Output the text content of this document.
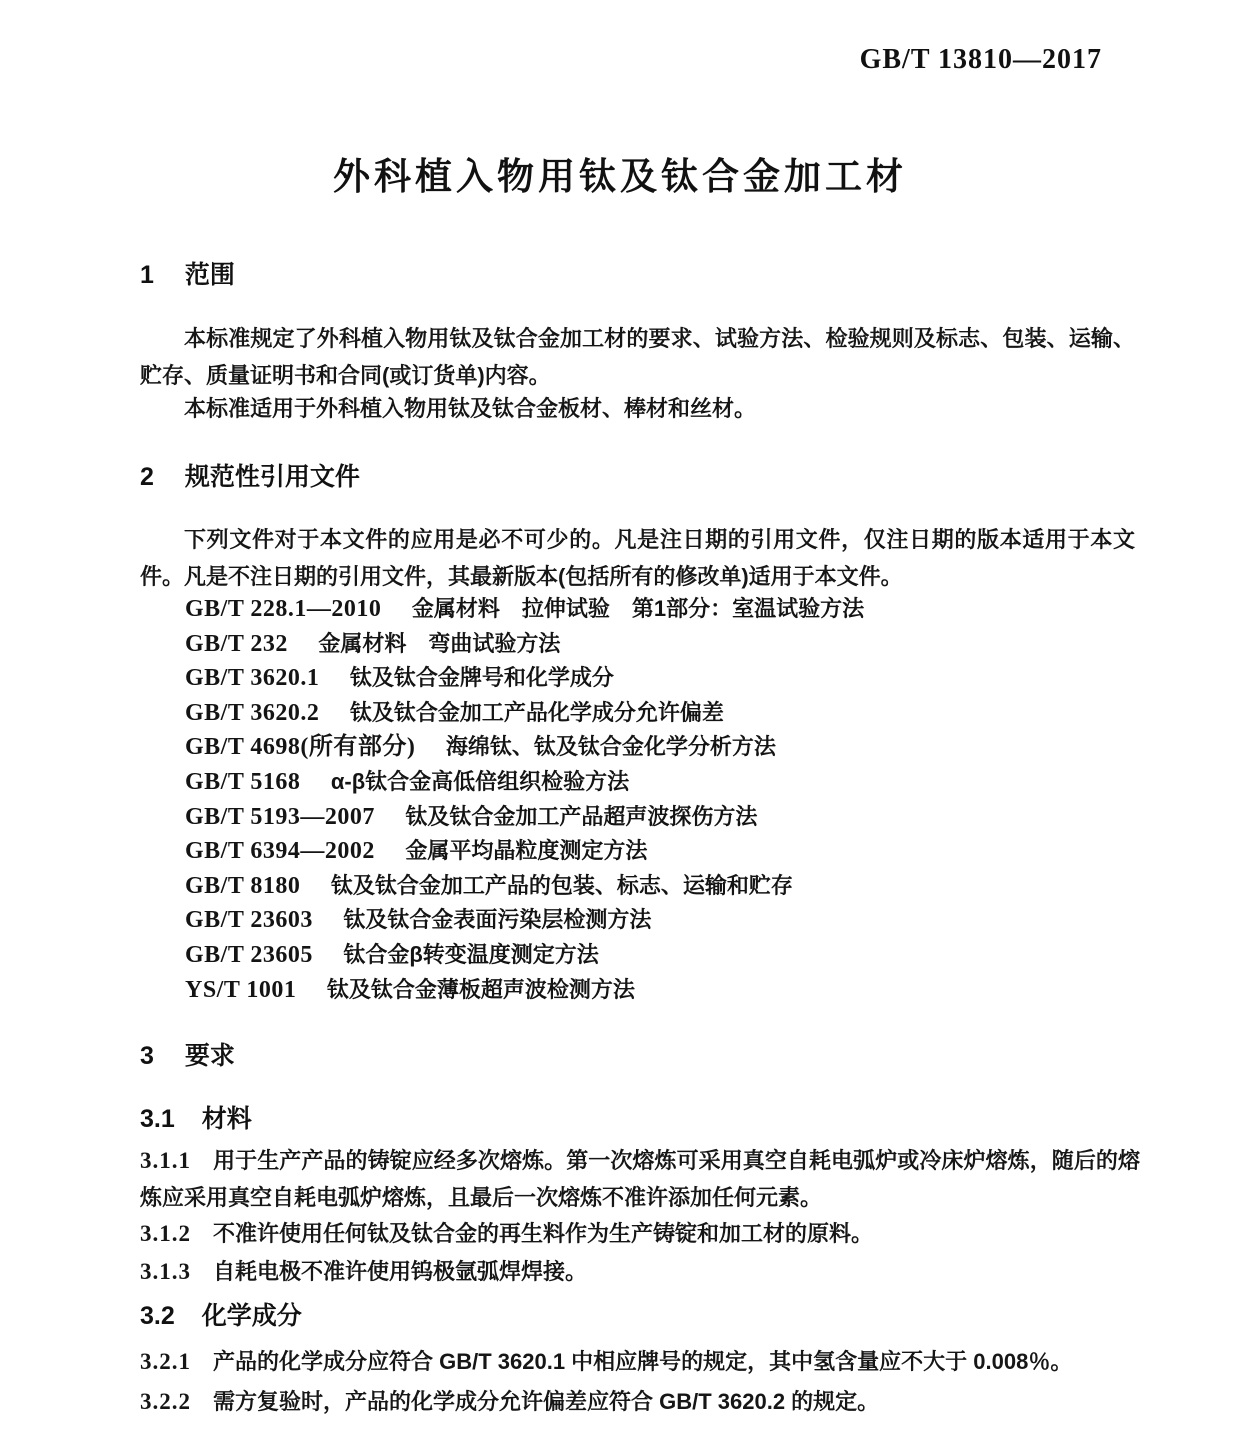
GB/T 13810—2017
外科植入物用钛及钛合金加工材
1 范围

本标准规定了外科植入物用钛及钛合金加工材的要求、试验方法、检验规则及标志、包装、运输、贮存、质量证明书和合同(或订货单)内容。

本标准适用于外科植入物用钛及钛合金板材、棒材和丝材。

2 规范性引用文件

下列文件对于本文件的应用是必不可少的。凡是注日期的引用文件，仅注日期的版本适用于本文件。凡是不注日期的引用文件，其最新版本(包括所有的修改单)适用于本文件。

GB/T 228.1—2010 金属材料　拉伸试验　第1部分：室温试验方法
GB/T 232 金属材料　弯曲试验方法
GB/T 3620.1 钛及钛合金牌号和化学成分
GB/T 3620.2 钛及钛合金加工产品化学成分允许偏差
GB/T 4698(所有部分) 海绵钛、钛及钛合金化学分析方法
GB/T 5168 α-β钛合金高低倍组织检验方法
GB/T 5193—2007 钛及钛合金加工产品超声波探伤方法
GB/T 6394—2002 金属平均晶粒度测定方法
GB/T 8180 钛及钛合金加工产品的包装、标志、运输和贮存
GB/T 23603 钛及钛合金表面污染层检测方法
GB/T 23605 钛合金β转变温度测定方法
YS/T 1001 钛及钛合金薄板超声波检测方法
3 要求
3.1 材料

3.1.1 用于生产产品的铸锭应经多次熔炼。第一次熔炼可采用真空自耗电弧炉或冷床炉熔炼，随后的熔炼应采用真空自耗电弧炉熔炼，且最后一次熔炼不准许添加任何元素。

3.1.2 不准许使用任何钛及钛合金的再生料作为生产铸锭和加工材的原料。

3.1.3 自耗电极不准许使用钨极氩弧焊焊接。

3.2 化学成分

3.2.1 产品的化学成分应符合 GB/T 3620.1 中相应牌号的规定，其中氢含量应不大于 0.008％。

3.2.2 需方复验时，产品的化学成分允许偏差应符合 GB/T 3620.2 的规定。
